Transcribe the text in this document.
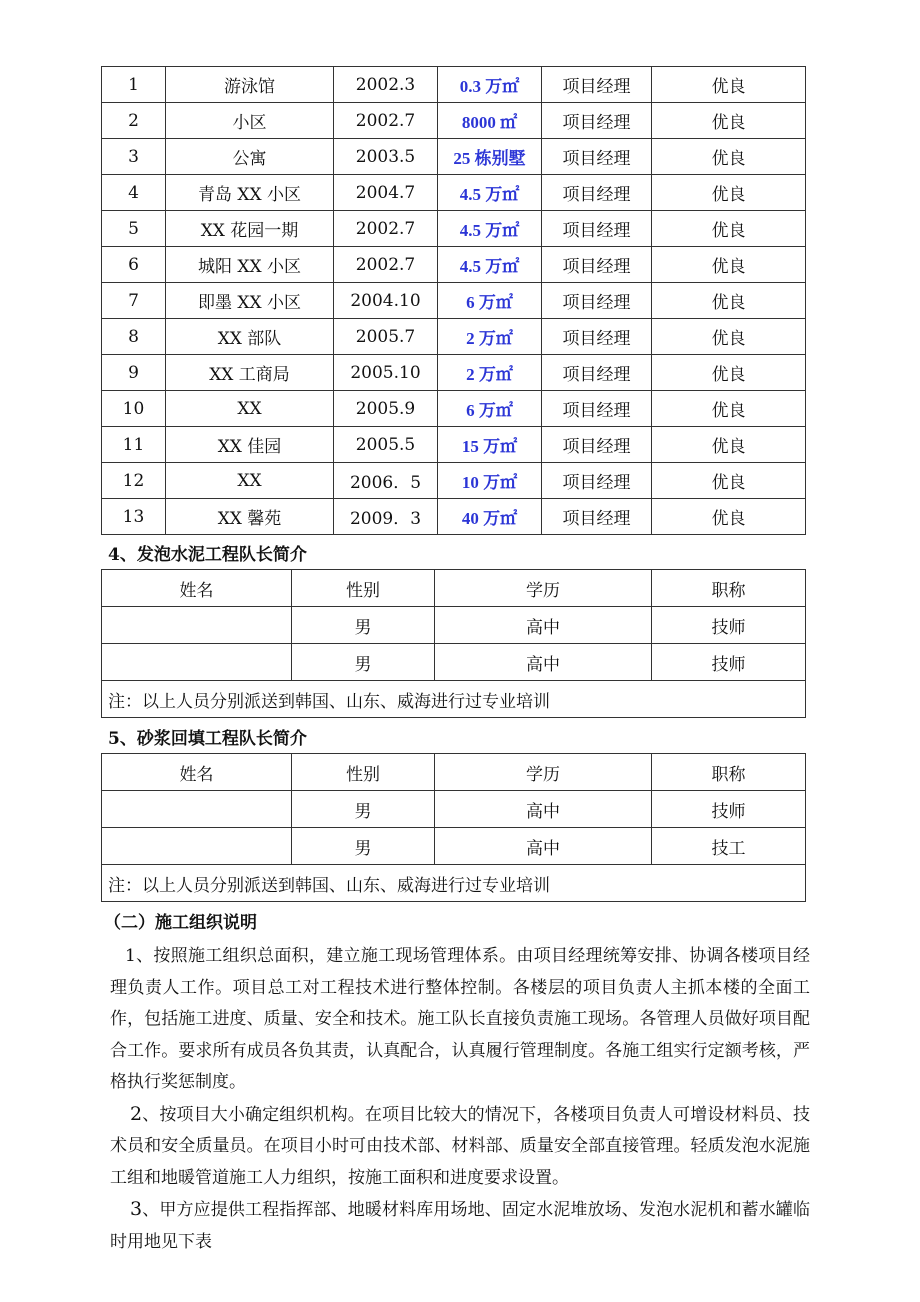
1	游泳馆	2002.3	0.3 万㎡	项目经理	优良
2	小区	2002.7	8000 ㎡	项目经理	优良
3	公寓	2003.5	25 栋别墅	项目经理	优良
4	青岛 XX 小区	2004.7	4.5 万㎡	项目经理	优良
5	XX 花园一期	2002.7	4.5 万㎡	项目经理	优良
6	城阳 XX 小区	2002.7	4.5 万㎡	项目经理	优良
7	即墨 XX 小区	2004.10	6 万㎡	项目经理	优良
8	XX 部队	2005.7	2 万㎡	项目经理	优良
9	XX 工商局	2005.10	2 万㎡	项目经理	优良
10	XX	2005.9	6 万㎡	项目经理	优良
11	XX 佳园	2005.5	15 万㎡	项目经理	优良
12	XX	2006．5	10 万㎡	项目经理	优良
13	XX 馨苑	2009．3	40 万㎡	项目经理	优良
4、发泡水泥工程队长简介
姓名	性别	学历	职称
	男	高中	技师
	男	高中	技师
注：以上人员分别派送到韩国、山东、威海进行过专业培训			
5、砂浆回填工程队长简介
姓名	性别	学历	职称
	男	高中	技师
	男	高中	技工
注：以上人员分别派送到韩国、山东、威海进行过专业培训			
（二）施工组织说明

1、按照施工组织总面积，建立施工现场管理体系。由项目经理统筹安排、协调各楼项目经理负责人工作。项目总工对工程技术进行整体控制。各楼层的项目负责人主抓本楼的全面工作，包括施工进度、质量、安全和技术。施工队长直接负责施工现场。各管理人员做好项目配合工作。要求所有成员各负其责，认真配合，认真履行管理制度。各施工组实行定额考核，严格执行奖惩制度。

2、按项目大小确定组织机构。在项目比较大的情况下，各楼项目负责人可增设材料员、技术员和安全质量员。在项目小时可由技术部、材料部、质量安全部直接管理。轻质发泡水泥施工组和地暖管道施工人力组织，按施工面积和进度要求设置。

3、甲方应提供工程指挥部、地暖材料库用场地、固定水泥堆放场、发泡水泥机和蓄水罐临时用地见下表
